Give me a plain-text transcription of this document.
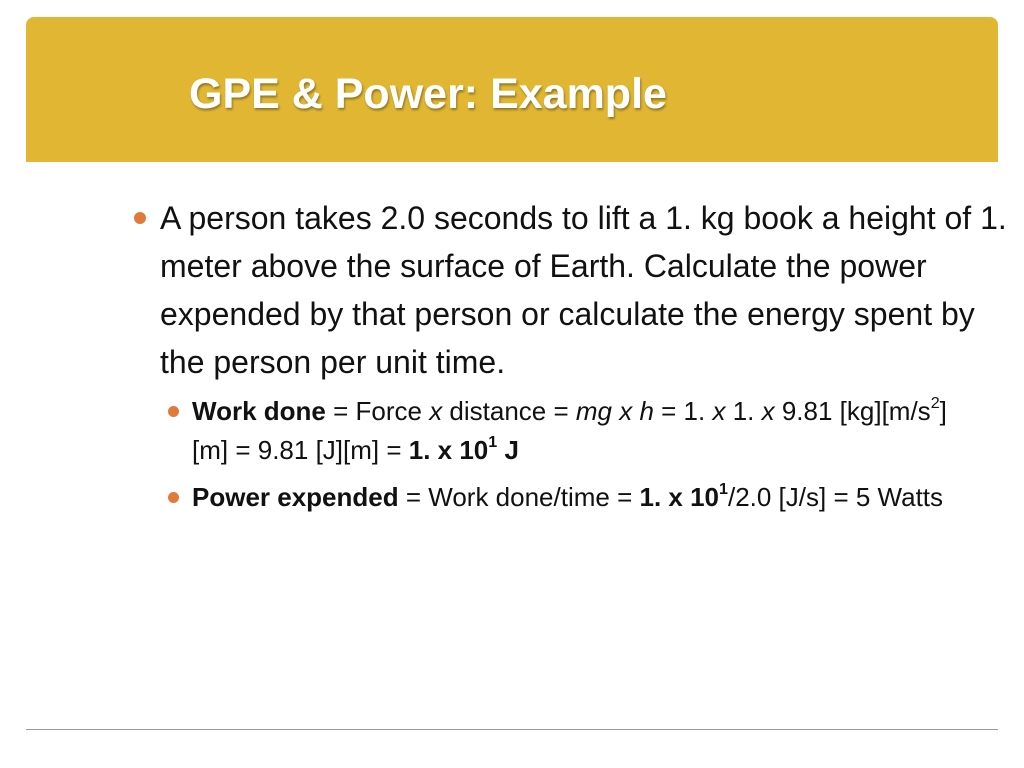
GPE & Power: Example
A person takes 2.0 seconds to lift a 1. kg book a height of 1. meter above the surface of Earth. Calculate the power expended by that person or calculate the energy spent by the person per unit time.
Work done = Force x distance = mg x h = 1. x 1. x 9.81 $[kg][m/s^2][m] = 9.81$ [J][m] = 1. x $10^1$ J
Power expended = Work done/time = 1. x $10^1/2.0$ [J/s] = 5 Watts
